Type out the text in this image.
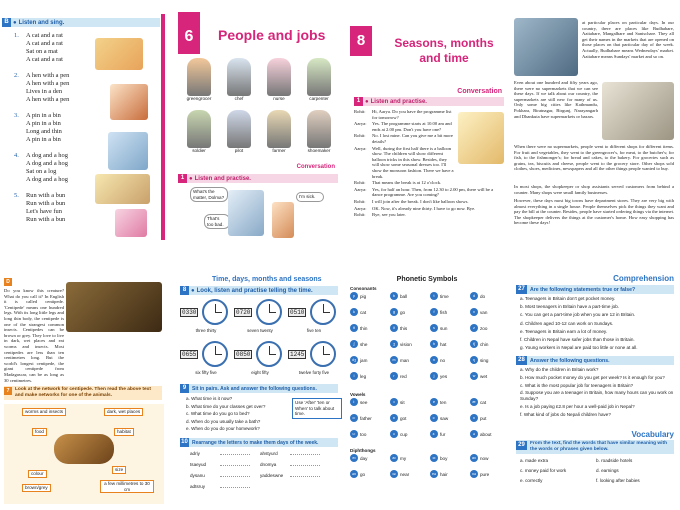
B ● Listen and sing.
1.	A cat and a rat
A cat and a rat
Sat on a mat
A cat and a rat
2.	A hen with a pen
A hen with a pen
Lives in a den
A hen with a pen
3.	A pin in a bin
A pin in a bin
Long and thin
A pin in a bin
4.	A dog and a hog
A dog and a hog
Sat on a log
A dog and a hog
5.	Run with a bun
Run with a bun
Let's have fun
Run with a bun
6	People and jobs
greengrocer	chef	nurse	carpenter
soldier	pilot	farmer	shoemaker
Conversation
1 ● Listen and practise.
What's the matter, Dolma?	I'm sick.
That's too bad.
8	Seasons, months and time
Conversation
1 ● Listen and practise.
Rohit:	Hi, Aarya. Do you have the programme list for tomorrow?
Aarya:	Yes. The programme starts at 10.00 am and ends at 2.00 pm. Don't you have one?
Rohit:	No. I lost mine. Can you give me a bit more details?
Aarya:	Well, during the first half there is a balloon show. The children will show different balloon tricks in this show. Besides, they will show some seasonal dresses too. I'll show the monsoon fashion. There we have a break.
Rohit:	That means the break is at 12 o'clock.
Aarya:	Yes, for half an hour. Then, from 12.30 to 2.00 pm, there will be a dance programme. Are you coming?
Rohit:	I will join after the break. I don't like balloon shows.
Aarya:	OK. Now, it's already nine thirty. I have to go now. Bye.
Rohit:	Bye, see you later.
at particular places on particular days. In our country, there are places like Budhabare, Aaitabare, Mangalbare and Sanischare. They all get their names in the markets that are opened on those places on that particular day of the week. Actually, Budhabare means Wednesdays' market. Aaitabare means Sundays' market and so on.
Even about one hundred and fifty years ago, there were no supermarkets that we can see these days. If we talk about our country, the supermarkets are still new for many of us. Only some big cities like Kathmandu, Pokhara, Biratnagar, Birgunj, Narayangarh and Dhankuta have supermarkets or bazars.
When there were no supermarkets, people went to different shops for different items. For fruit and vegetables, they went to the greengrocer's, for meat, to the butcher's; for fish, to the fishmonger's; for bread and cakes, to the bakery. For groceries such as grains, tea, biscuits and cheese, people went to the grocery store. Other shops sold clothes, shoes, medicines, newspapers and all the other things people wanted to buy.
In most shops, the shopkeeper or shop assistants served customers from behind a counter. Many shops were small family businesses.
However, these days most big towns have department stores. They are very big with almost everything in a single house. People themselves pick the things they want and pay the bill at the counter. Besides, people have started ordering things via the internet. The shopkeeper delivers the things at the customer's home. How easy shopping has become these days!
D
Do you know this creature? What do you call it? In English it is called centipede. 'Centipede' means one hundred legs. With its long little legs and long thin body, the centipede is one of the strangest common insects. Centipedes can be brown or grey. They love to live in dark, wet places and eat worms and insects. Most centipedes are less than ten centimetres long. But the world's longest centipede, the giant centipede from Madagascar, can be as long as 30 centimetres.
7	Look at the network for centipede. Then read the above text and make networks for one of the animals.
worms and insects	dark, wet places
food	habitat
colour
brown/grey
size
a few millimetres to 30 cm
Time, days, months and seasons
8 ● Look, listen and practise telling the time.
0330
three thirty
0720
seven twenty
0510
five ten
0655
six fifty five
0850
eight fifty
1245
twelve forty five
9	Sit in pairs. Ask and answer the following questions.
a. What time is it now?
b. What time do your classes get over?
c. What time do you go to bed?
d. When do you usually take a bath?
e. When do you do your homework?
Use 'After' 'ten or When' to talk about time.
10 Rearrange the letters to make them days of the week.
adriy	ahstyurd
tsaeyud	dnomya
dysanu	yaddeswne
adtsruy
Phonetic Symbols
Consonants
p	pig	b	ball	t	time	d	do
k	cat	g	go	f	fish	v	van
θ	thin	ð	this	s	sun	z	zoo
ʃ	she	ʒ	vision	h	hat	tʃ	chin
dʒ jam	m man	n	no	ŋ	sing
l	leg	r	red	j	yes	w	wet
Vowels
iː	see	ɪ	sit	e	ten	æ cat
ɑː father	ɒ	got	ɔː	saw	ʊ	put
uː too	ʌ	cup	ɜː	fur	ə	about
Diphthongs
eɪ day	aɪ my	ɔɪ boy	aʊ now
əʊ go	ɪə near	eə hair	ʊə pure
Comprehension
27 Are the following statements true or false?
a. Teenagers in Britain don't get pocket money.
b. Most teenagers in Britain have a part-time job.
c. You can get a part-time job when you are 12 in Britain.
d. Children aged 10-12 can work on Sundays.
e. Teenagers in Britain earn a lot of money.
f. Children in Nepal have safer jobs than those in Britain.
g. Young workers in Nepal are paid too little or none at all.
28 Answer the following questions.
a. Why do the children in Britain work?
b. How much pocket money do you get per week? Is it enough for you?
c. What is the most popular job for teenagers in Britain?
d. Suppose you are a teenager in Britain, how many hours can you work on Sunday?
e. Is a job paying £2.8 per hour a well-paid job in Nepal?
f. What kind of jobs do Nepali children have?
Vocabulary
29	From the text, find the words that have similar meaning with the words or phrases given below.
a. made extra	b. roadside hotels
c. money paid for work	d. earnings
e. correctly	f. looking after babies
